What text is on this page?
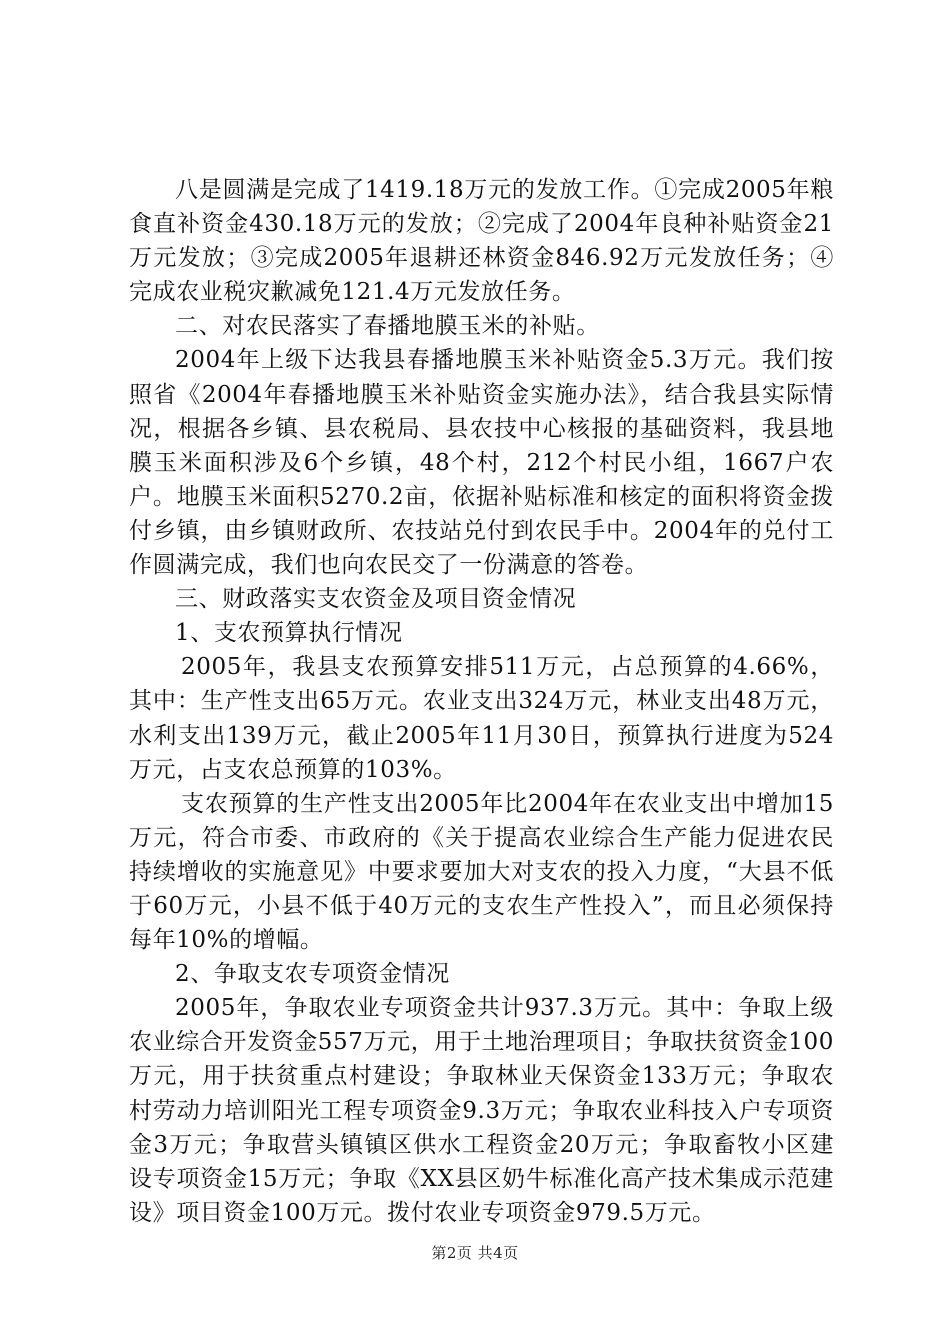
八是圆满是完成了1419.18万元的发放工作。①完成2005年粮食直补资金430.18万元的发放；②完成了2004年良种补贴资金21万元发放；③完成2005年退耕还林资金846.92万元发放任务；④完成农业税灾歉减免121.4万元发放任务。

二、对农民落实了春播地膜玉米的补贴。

2004年上级下达我县春播地膜玉米补贴资金5.3万元。我们按照省《2004年春播地膜玉米补贴资金实施办法》，结合我县实际情况，根据各乡镇、县农税局、县农技中心核报的基础资料，我县地膜玉米面积涉及6个乡镇，48个村，212个村民小组，1667户农户。地膜玉米面积5270.2亩，依据补贴标准和核定的面积将资金拨付乡镇，由乡镇财政所、农技站兑付到农民手中。2004年的兑付工作圆满完成，我们也向农民交了一份满意的答卷。

三、财政落实支农资金及项目资金情况

1、支农预算执行情况

2005年，我县支农预算安排511万元，占总预算的4.66%，其中：生产性支出65万元。农业支出324万元，林业支出48万元，水利支出139万元，截止2005年11月30日，预算执行进度为524万元，占支农总预算的103%。

支农预算的生产性支出2005年比2004年在农业支出中增加15万元，符合市委、市政府的《关于提高农业综合生产能力促进农民持续增收的实施意见》中要求要加大对支农的投入力度，“大县不低于60万元，小县不低于40万元的支农生产性投入”，而且必须保持每年10%的增幅。

2、争取支农专项资金情况

2005年，争取农业专项资金共计937.3万元。其中：争取上级农业综合开发资金557万元，用于土地治理项目；争取扶贫资金100万元，用于扶贫重点村建设；争取林业天保资金133万元；争取农村劳动力培训阳光工程专项资金9.3万元；争取农业科技入户专项资金3万元；争取营头镇镇区供水工程资金20万元；争取畜牧小区建设专项资金15万元；争取《XX县区奶牛标准化高产技术集成示范建设》项目资金100万元。拨付农业专项资金979.5万元。

第2页 共4页
